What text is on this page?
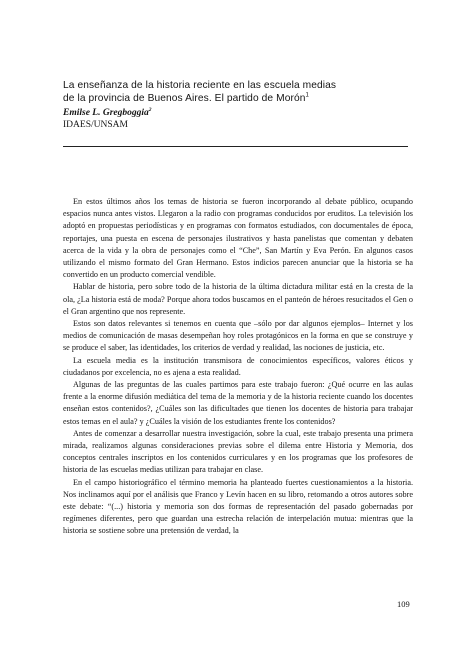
La enseñanza de la historia reciente en las escuela medias
de la provincia de Buenos Aires. El partido de Morón$^1$
Emilse L. Gregboggia$^2$
IDAES/UNSAM

En estos últimos años los temas de historia se fueron incorporando al debate público, ocupando espacios nunca antes vistos. Llegaron a la radio con programas conducidos por eruditos. La televisión los adoptó en propuestas periodísticas y en programas con formatos estudiados, con documentales de época, reportajes, una puesta en escena de personajes ilustrativos y hasta panelistas que comentan y debaten acerca de la vida y la obra de personajes como el “Che”, San Martín y Eva Perón. En algunos casos utilizando el mismo formato del Gran Hermano. Estos indicios parecen anunciar que la historia se ha convertido en un producto comercial vendible.

Hablar de historia, pero sobre todo de la historia de la última dictadura militar está en la cresta de la ola, ¿La historia está de moda? Porque ahora todos buscamos en el panteón de héroes resucitados el Gen o el Gran argentino que nos represente.

Estos son datos relevantes si tenemos en cuenta que –sólo por dar algunos ejemplos– Internet y los medios de comunicación de masas desempeñan hoy roles protagónicos en la forma en que se construye y se produce el saber, las identidades, los criterios de verdad y realidad, las nociones de justicia, etc.

La escuela media es la institución transmisora de conocimientos específicos, valores éticos y ciudadanos por excelencia, no es ajena a esta realidad.

Algunas de las preguntas de las cuales partimos para este trabajo fueron: ¿Qué ocurre en las aulas frente a la enorme difusión mediática del tema de la memoria y de la historia reciente cuando los docentes enseñan estos contenidos?, ¿Cuáles son las dificultades que tienen los docentes de historia para trabajar estos temas en el aula? y ¿Cuáles la visión de los estudiantes frente los contenidos?

Antes de comenzar a desarrollar nuestra investigación, sobre la cual, este trabajo presenta una primera mirada, realizamos algunas consideraciones previas sobre el dilema entre Historia y Memoria, dos conceptos centrales inscriptos en los contenidos curriculares y en los programas que los profesores de historia de las escuelas medias utilizan para trabajar en clase.

En el campo historiográfico el término memoria ha planteado fuertes cuestionamientos a la historia. Nos inclinamos aquí por el análisis que Franco y Levín hacen en su libro, retomando a otros autores sobre este debate: “(...) historia y memoria son dos formas de representación del pasado gobernadas por regímenes diferentes, pero que guardan una estrecha relación de interpelación mutua: mientras que la historia se sostiene sobre una pretensión de verdad, la

109
